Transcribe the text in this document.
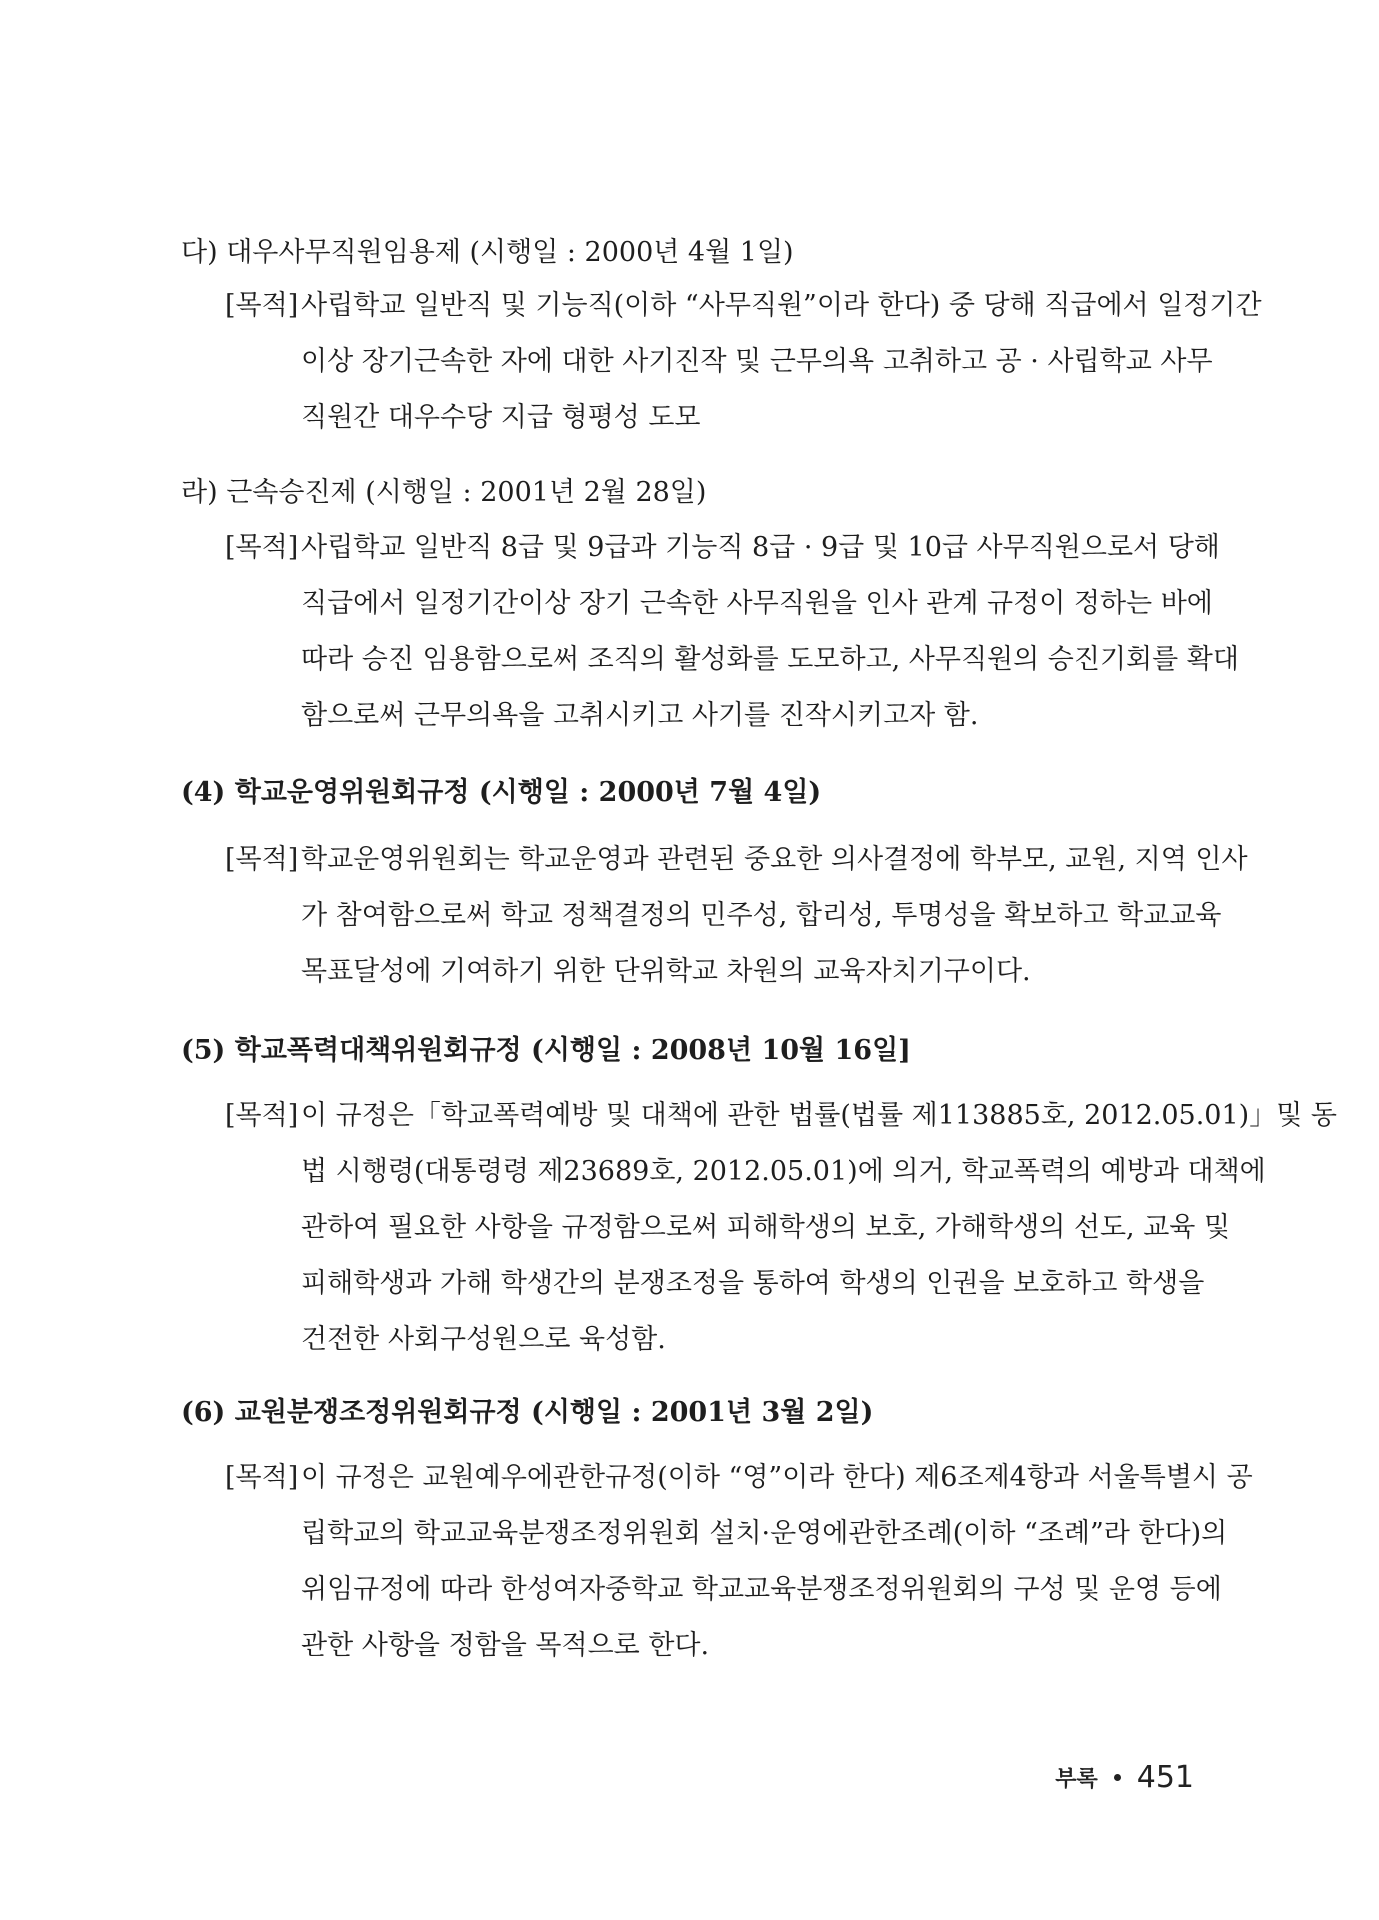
다) 대우사무직원임용제 (시행일 : 2000년 4월 1일)
[목적] 사립학교 일반직 및 기능직(이하 “사무직원”이라 한다) 중 당해 직급에서 일정기간
이상 장기근속한 자에 대한 사기진작 및 근무의욕 고취하고 공 · 사립학교 사무
직원간 대우수당 지급 형평성 도모
라) 근속승진제 (시행일 : 2001년 2월 28일)
[목적] 사립학교 일반직 8급 및 9급과 기능직 8급 · 9급 및 10급 사무직원으로서 당해
직급에서 일정기간이상 장기 근속한 사무직원을 인사 관계 규정이 정하는 바에
따라 승진 임용함으로써 조직의 활성화를 도모하고, 사무직원의 승진기회를 확대
함으로써 근무의욕을 고취시키고 사기를 진작시키고자 함.
(4) 학교운영위원회규정 (시행일 : 2000년 7월 4일)
[목적] 학교운영위원회는 학교운영과 관련된 중요한 의사결정에 학부모, 교원, 지역 인사
가 참여함으로써 학교 정책결정의 민주성, 합리성, 투명성을 확보하고 학교교육
목표달성에 기여하기 위한 단위학교 차원의 교육자치기구이다.
(5) 학교폭력대책위원회규정 (시행일 : 2008년 10월 16일]
[목적] 이 규정은「학교폭력예방 및 대책에 관한 법률(법률 제113885호, 2012.05.01)」및 동
법 시행령(대통령령 제23689호, 2012.05.01)에 의거, 학교폭력의 예방과 대책에
관하여 필요한 사항을 규정함으로써 피해학생의 보호, 가해학생의 선도, 교육 및
피해학생과 가해 학생간의 분쟁조정을 통하여 학생의 인권을 보호하고 학생을
건전한 사회구성원으로 육성함.
(6) 교원분쟁조정위원회규정 (시행일 : 2001년 3월 2일)
[목적] 이 규정은 교원예우에관한규정(이하 “영”이라 한다) 제6조제4항과 서울특별시 공
립학교의 학교교육분쟁조정위원회 설치·운영에관한조례(이하 “조례”라 한다)의
위임규정에 따라 한성여자중학교 학교교육분쟁조정위원회의 구성 및 운영 등에
관한 사항을 정함을 목적으로 한다.
부록 451
